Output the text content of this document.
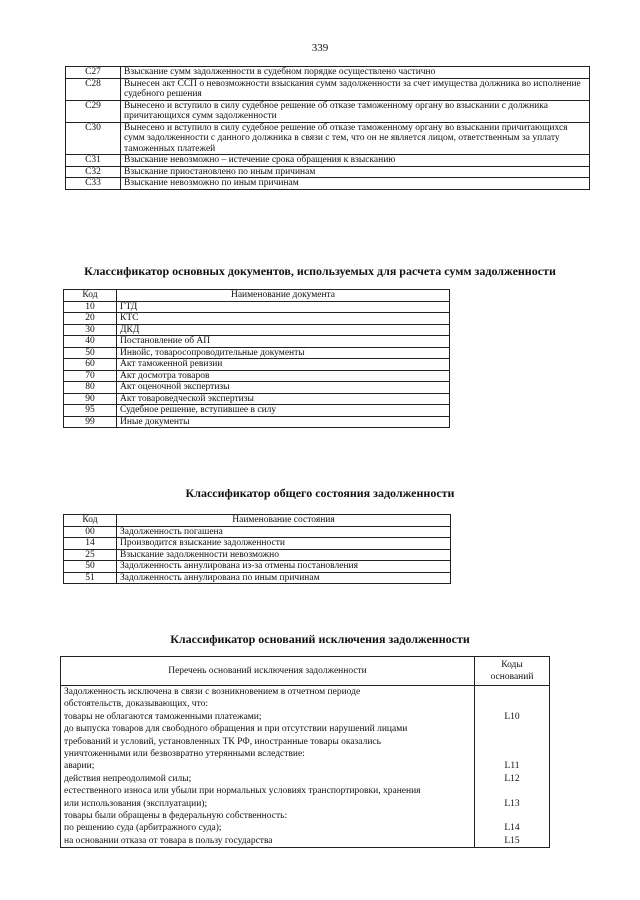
339
С27	Взыскание сумм задолженности в судебном порядке осуществлено частично
С28	Вынесен акт ССП о невозможности взыскания сумм задолженности за счет имущества должника во исполнение судебного решения
С29	Вынесено и вступило в силу судебное решение об отказе таможенному органу во взыскании с должника причитающихся сумм задолженности
С30	Вынесено и вступило в силу судебное решение об отказе таможенному органу во взыскании причитающихся сумм задолженности с данного должника в связи с тем, что он не является лицом, ответственным за уплату таможенных платежей
С31	Взыскание невозможно – истечение срока обращения к взысканию
С32	Взыскание приостановлено по иным причинам
С33	Взыскание невозможно по иным причинам
Классификатор основных документов, используемых для расчета сумм задолженности
Код	Наименование документа
10	ГТД
20	КТС
30	ДКД
40	Постановление об АП
50	Инвойс, товаросопроводительные документы
60	Акт таможенной ревизии
70	Акт досмотра товаров
80	Акт оценочной экспертизы
90	Акт товароведческой экспертизы
95	Судебное решение, вступившее в силу
99	Иные документы
Классификатор общего состояния задолженности
Код	Наименование состояния
00	Задолженность погашена
14	Производится взыскание задолженности
25	Взыскание задолженности невозможно
50	Задолженность аннулирована из-за отмены постановления
51	Задолженность аннулирована по иным причинам
Классификатор оснований исключения задолженности
Перечень оснований исключения задолженности	Коды
оснований

Задолженность исключена в связи с возникновением в отчетном периоде	
обстоятельств, доказывающих, что:	
товары не облагаются таможенными платежами;	L10
до выпуска товаров для свободного обращения и при отсутствии нарушений лицами	
требований и условий, установленных ТК РФ, иностранные товары оказались	
уничтоженными или безвозвратно утерянными вследствие:	
аварии;	L11
действия непреодолимой силы;	L12
естественного износа или убыли при нормальных условиях транспортировки, хранения	
или использования (эксплуатации);	L13
товары были обращены в федеральную собственность:	
по решению суда (арбитражного суда);	L14
на основании отказа от товара в пользу государства	L15
